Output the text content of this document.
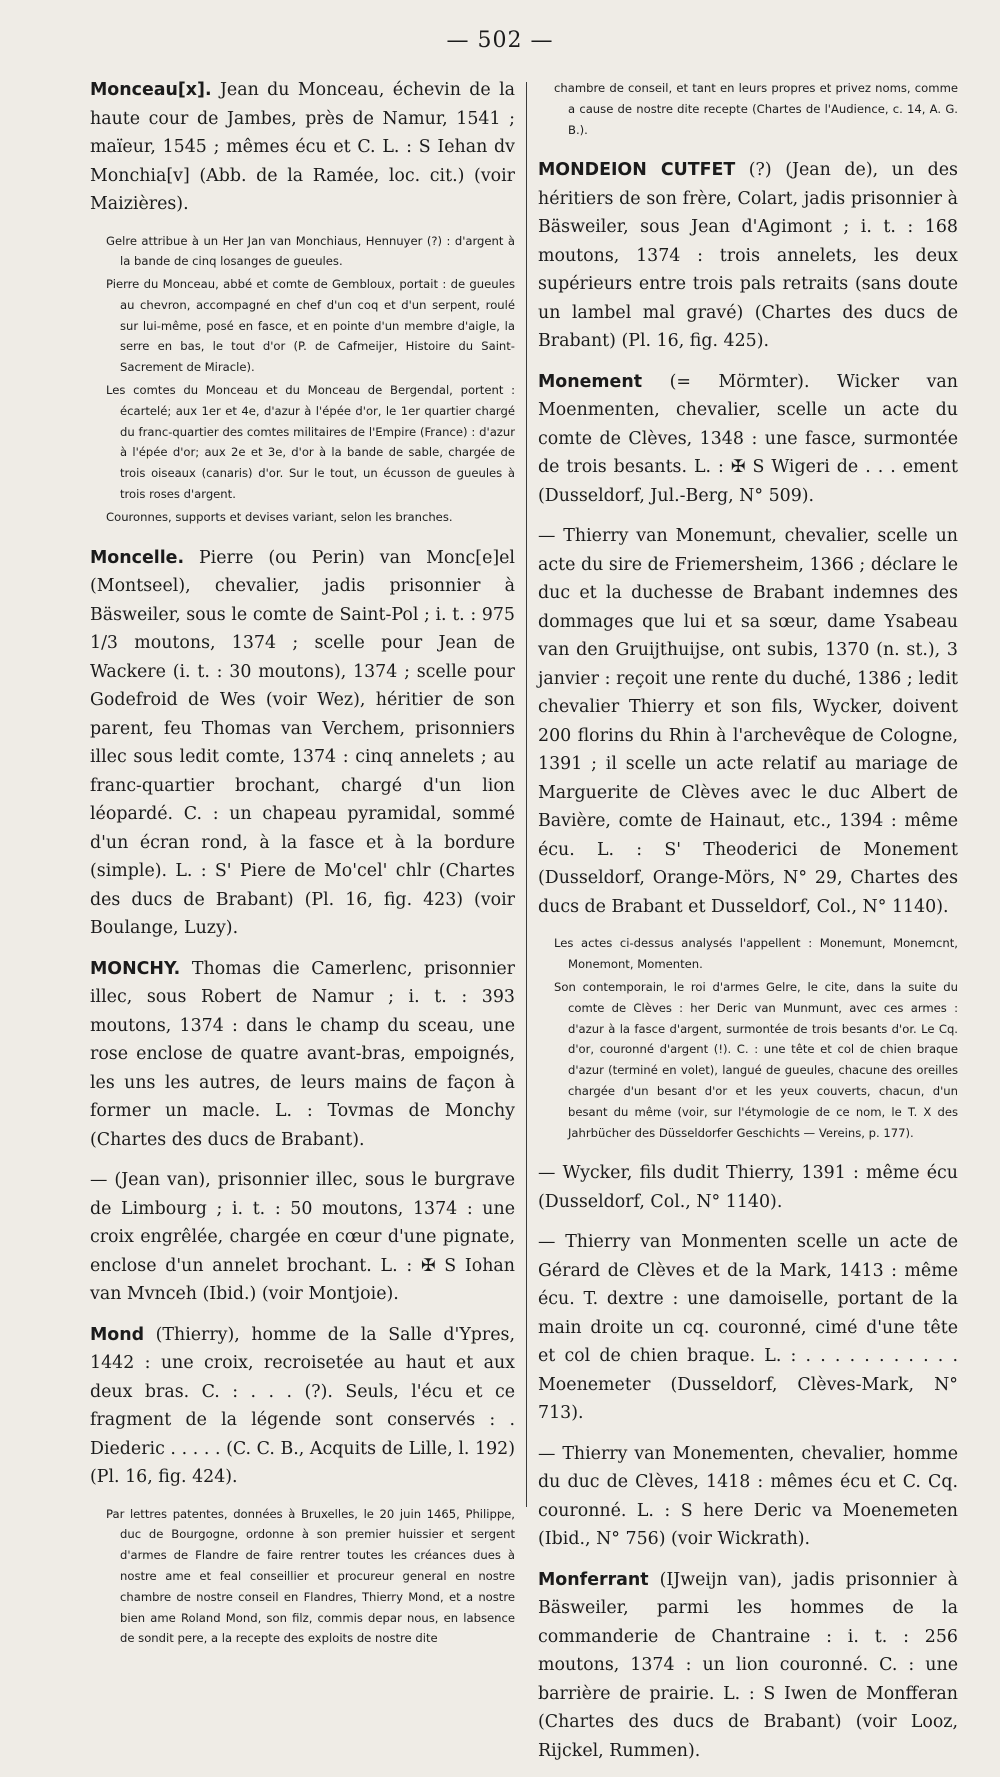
— 502 —

Monceau[x]. Jean du Monceau, échevin de la haute cour de Jambes, près de Namur, 1541 ; maïeur, 1545 ; mêmes écu et C. L. : S Iehan dv Monchia[v] (Abb. de la Ramée, loc. cit.) (voir Maizières).

Gelre attribue à un Her Jan van Monchiaus, Hennuyer (?) : d'argent à la bande de cinq losanges de gueules.

Pierre du Monceau, abbé et comte de Gembloux, portait : de gueules au chevron, accompagné en chef d'un coq et d'un serpent, roulé sur lui-même, posé en fasce, et en pointe d'un membre d'aigle, la serre en bas, le tout d'or (P. de Cafmeijer, Histoire du Saint-Sacrement de Miracle).

Les comtes du Monceau et du Monceau de Bergendal, portent : écartelé; aux 1er et 4e, d'azur à l'épée d'or, le 1er quartier chargé du franc-quartier des comtes militaires de l'Empire (France) : d'azur à l'épée d'or; aux 2e et 3e, d'or à la bande de sable, chargée de trois oiseaux (canaris) d'or. Sur le tout, un écusson de gueules à trois roses d'argent.

Couronnes, supports et devises variant, selon les branches.

Moncelle. Pierre (ou Perin) van Monc[e]el (Montseel), chevalier, jadis prisonnier à Bäsweiler, sous le comte de Saint-Pol ; i. t. : 975 1/3 moutons, 1374 ; scelle pour Jean de Wackere (i. t. : 30 moutons), 1374 ; scelle pour Godefroid de Wes (voir Wez), héritier de son parent, feu Thomas van Verchem, prisonniers illec sous ledit comte, 1374 : cinq annelets ; au franc-quartier brochant, chargé d'un lion léopardé. C. : un chapeau pyramidal, sommé d'un écran rond, à la fasce et à la bordure (simple). L. : S' Piere de Mo'cel' chlr (Chartes des ducs de Brabant) (Pl. 16, fig. 423) (voir Boulange, Luzy).

MONCHY. Thomas die Camerlenc, prisonnier illec, sous Robert de Namur ; i. t. : 393 moutons, 1374 : dans le champ du sceau, une rose enclose de quatre avant-bras, empoignés, les uns les autres, de leurs mains de façon à former un macle. L. : Tovmas de Monchy (Chartes des ducs de Brabant).

— (Jean van), prisonnier illec, sous le burgrave de Limbourg ; i. t. : 50 moutons, 1374 : une croix engrêlée, chargée en cœur d'une pignate, enclose d'un annelet brochant. L. : ✠ S Iohan van Mvnceh (Ibid.) (voir Montjoie).

Mond (Thierry), homme de la Salle d'Ypres, 1442 : une croix, recroisetée au haut et aux deux bras. C. : . . . (?). Seuls, l'écu et ce fragment de la légende sont conservés : . Diederic . . . . . (C. C. B., Acquits de Lille, l. 192) (Pl. 16, fig. 424).

Par lettres patentes, données à Bruxelles, le 20 juin 1465, Philippe, duc de Bourgogne, ordonne à son premier huissier et sergent d'armes de Flandre de faire rentrer toutes les créances dues à nostre ame et feal conseillier et procureur general en nostre chambre de nostre conseil en Flandres, Thierry Mond, et a nostre bien ame Roland Mond, son filz, commis depar nous, en labsence de sondit pere, a la recepte des exploits de nostre dite

chambre de conseil, et tant en leurs propres et privez noms, comme a cause de nostre dite recepte (Chartes de l'Audience, c. 14, A. G. B.).

MONDEION CUTFET (?) (Jean de), un des héritiers de son frère, Colart, jadis prisonnier à Bäsweiler, sous Jean d'Agimont ; i. t. : 168 moutons, 1374 : trois annelets, les deux supérieurs entre trois pals retraits (sans doute un lambel mal gravé) (Chartes des ducs de Brabant) (Pl. 16, fig. 425).

Monement (= Mörmter). Wicker van Moenmenten, chevalier, scelle un acte du comte de Clèves, 1348 : une fasce, surmontée de trois besants. L. : ✠ S Wigeri de . . . ement (Dusseldorf, Jul.-Berg, N° 509).

— Thierry van Monemunt, chevalier, scelle un acte du sire de Friemersheim, 1366 ; déclare le duc et la duchesse de Brabant indemnes des dommages que lui et sa sœur, dame Ysabeau van den Gruijthuijse, ont subis, 1370 (n. st.), 3 janvier : reçoit une rente du duché, 1386 ; ledit chevalier Thierry et son fils, Wycker, doivent 200 florins du Rhin à l'archevêque de Cologne, 1391 ; il scelle un acte relatif au mariage de Marguerite de Clèves avec le duc Albert de Bavière, comte de Hainaut, etc., 1394 : même écu. L. : S' Theoderici de Monement (Dusseldorf, Orange-Mörs, N° 29, Chartes des ducs de Brabant et Dusseldorf, Col., N° 1140).

Les actes ci-dessus analysés l'appellent : Monemunt, Monemcnt, Monemont, Momenten.

Son contemporain, le roi d'armes Gelre, le cite, dans la suite du comte de Clèves : her Deric van Munmunt, avec ces armes : d'azur à la fasce d'argent, surmontée de trois besants d'or. Le Cq. d'or, couronné d'argent (!). C. : une tête et col de chien braque d'azur (terminé en volet), langué de gueules, chacune des oreilles chargée d'un besant d'or et les yeux couverts, chacun, d'un besant du même (voir, sur l'étymologie de ce nom, le T. X des Jahrbücher des Düsseldorfer Geschichts — Vereins, p. 177).

— Wycker, fils dudit Thierry, 1391 : même écu (Dusseldorf, Col., N° 1140).

— Thierry van Monmenten scelle un acte de Gérard de Clèves et de la Mark, 1413 : même écu. T. dextre : une damoiselle, portant de la main droite un cq. couronné, cimé d'une tête et col de chien braque. L. : . . . . . . . . . . . Moenemeter (Dusseldorf, Clèves-Mark, N° 713).

— Thierry van Monementen, chevalier, homme du duc de Clèves, 1418 : mêmes écu et C. Cq. couronné. L. : S here Deric va Moenemeten (Ibid., N° 756) (voir Wickrath).

Monferrant (IJweijn van), jadis prisonnier à Bäsweiler, parmi les hommes de la commanderie de Chantraine : i. t. : 256 moutons, 1374 : un lion couronné. C. : une barrière de prairie. L. : S Iwen de Monfferan (Chartes des ducs de Brabant) (voir Looz, Rijckel, Rummen).
